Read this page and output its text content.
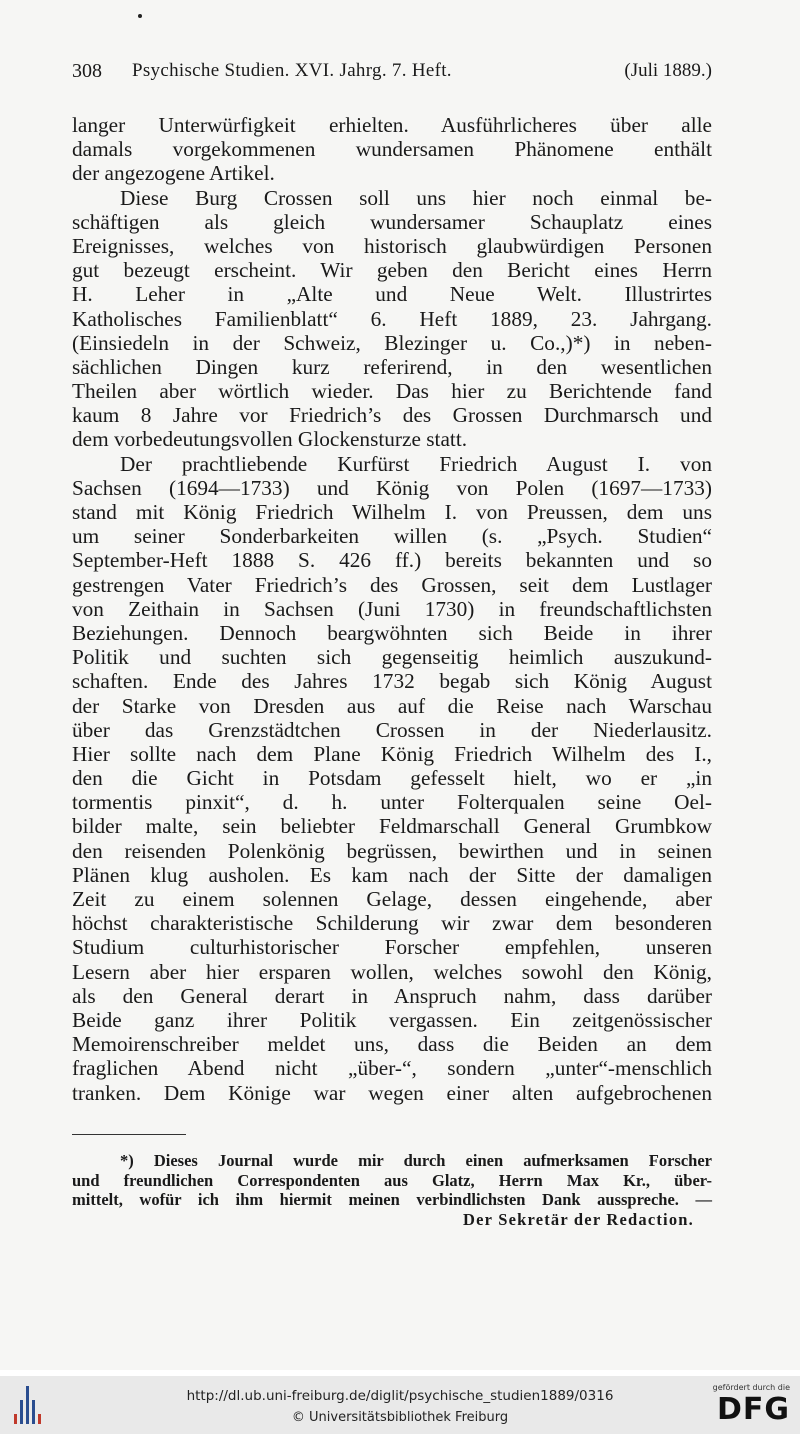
308 Psychische Studien. XVI. Jahrg. 7. Heft.	(Juli 1889.)
langer Unterwürfigkeit erhielten. Ausführlicheres über alle
damals vorgekommenen wundersamen Phänomene enthält
der angezogene Artikel.
Diese Burg Crossen soll uns hier noch einmal be-
schäftigen als gleich wundersamer Schauplatz eines
Ereignisses, welches von historisch glaubwürdigen Personen
gut bezeugt erscheint. Wir geben den Bericht eines Herrn
H. Leher in „Alte und Neue Welt. Illustrirtes
Katholisches Familienblatt“ 6. Heft 1889, 23. Jahrgang.
(Einsiedeln in der Schweiz, Blezinger u. Co.,)*) in neben-
sächlichen Dingen kurz referirend, in den wesentlichen
Theilen aber wörtlich wieder. Das hier zu Berichtende fand
kaum 8 Jahre vor Friedrich’s des Grossen Durchmarsch und
dem vorbedeutungsvollen Glockensturze statt.
Der prachtliebende Kurfürst Friedrich August I. von
Sachsen (1694—1733) und König von Polen (1697—1733)
stand mit König Friedrich Wilhelm I. von Preussen, dem uns
um seiner Sonderbarkeiten willen (s. „Psych. Studien“
September-Heft 1888 S. 426 ff.) bereits bekannten und so
gestrengen Vater Friedrich’s des Grossen, seit dem Lustlager
von Zeithain in Sachsen (Juni 1730) in freundschaftlichsten
Beziehungen. Dennoch beargwöhnten sich Beide in ihrer
Politik und suchten sich gegenseitig heimlich auszukund-
schaften. Ende des Jahres 1732 begab sich König August
der Starke von Dresden aus auf die Reise nach Warschau
über das Grenzstädtchen Crossen in der Niederlausitz.
Hier sollte nach dem Plane König Friedrich Wilhelm des I.,
den die Gicht in Potsdam gefesselt hielt, wo er „in
tormentis pinxit“, d. h. unter Folterqualen seine Oel-
bilder malte, sein beliebter Feldmarschall General Grumbkow
den reisenden Polenkönig begrüssen, bewirthen und in seinen
Plänen klug ausholen. Es kam nach der Sitte der damaligen
Zeit zu einem solennen Gelage, dessen eingehende, aber
höchst charakteristische Schilderung wir zwar dem besonderen
Studium culturhistorischer Forscher empfehlen, unseren
Lesern aber hier ersparen wollen, welches sowohl den König,
als den General derart in Anspruch nahm, dass darüber
Beide ganz ihrer Politik vergassen. Ein zeitgenössischer
Memoirenschreiber meldet uns, dass die Beiden an dem
fraglichen Abend nicht „über-“, sondern „unter“-menschlich
tranken. Dem Könige war wegen einer alten aufgebrochenen
*) Dieses Journal wurde mir durch einen aufmerksamen Forscher
und freundlichen Correspondenten aus Glatz, Herrn Max Kr., über-
mittelt, wofür ich ihm hiermit meinen verbindlichsten Dank ausspreche. —
Der Sekretär der Redaction.
http://dl.ub.uni-freiburg.de/diglit/psychische_studien1889/0316
© Universitätsbibliothek Freiburg
gefördert durch die
DFG
